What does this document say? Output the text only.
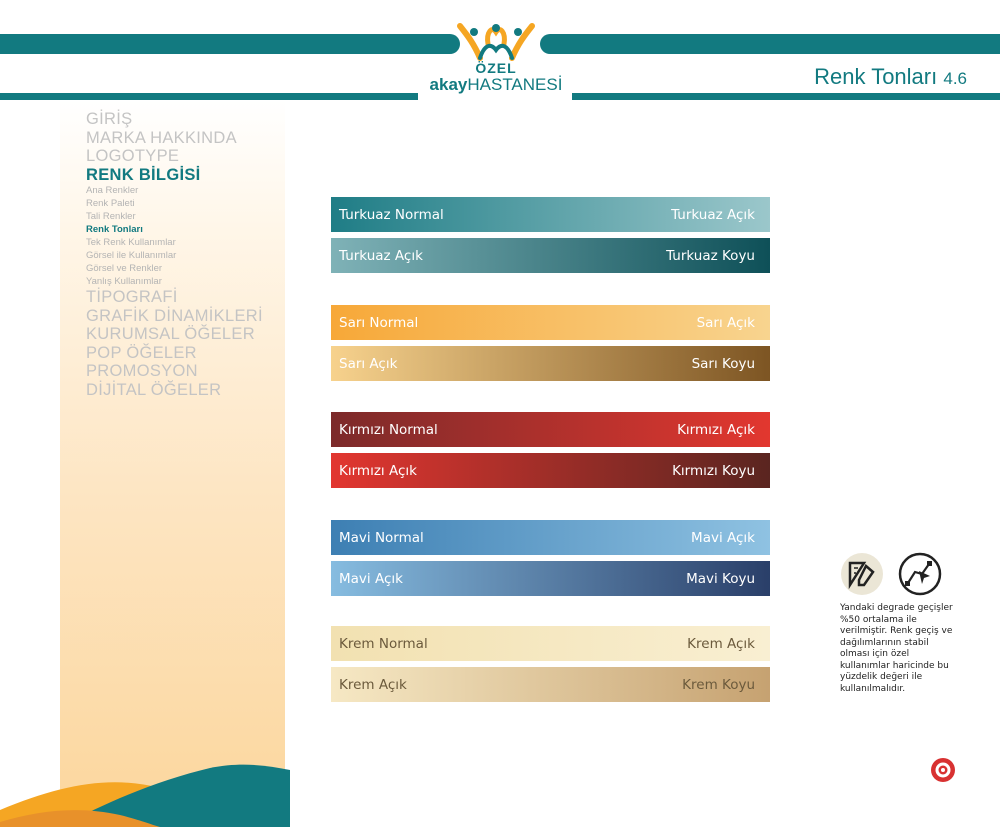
ÖZEL
akayHASTANESİ	Renk Tonları 4.6
GİRİŞ
MARKA HAKKINDA
LOGOTYPE
RENK BİLGİSİ
Ana Renkler
Renk Paleti
Tali Renkler
Renk Tonları
Tek Renk Kullanımlar
Görsel ile Kullanımlar
Görsel ve Renkler
Yanlış Kullanımlar
TİPOGRAFİ
GRAFİK DİNAMİKLERİ
KURUMSAL ÖĞELER
POP ÖĞELER
PROMOSYON
DİJİTAL ÖĞELER
Turkuaz Normal	Turkuaz Açık
Turkuaz Açık	Turkuaz Koyu
Sarı Normal	Sarı Açık
Sarı Açık	Sarı Koyu
Kırmızı Normal	Kırmızı Açık
Kırmızı Açık	Kırmızı Koyu
Mavi Normal	Mavi Açık
Mavi Açık	Mavi Koyu
Krem Normal	Krem Açık
Krem Açık	Krem Koyu
Yandaki degrade geçişler %50 ortalama ile verilmiştir. Renk geçiş ve dağılımlarının stabil olması için özel kullanımlar haricinde bu yüzdelik değeri ile kullanılmalıdır.
